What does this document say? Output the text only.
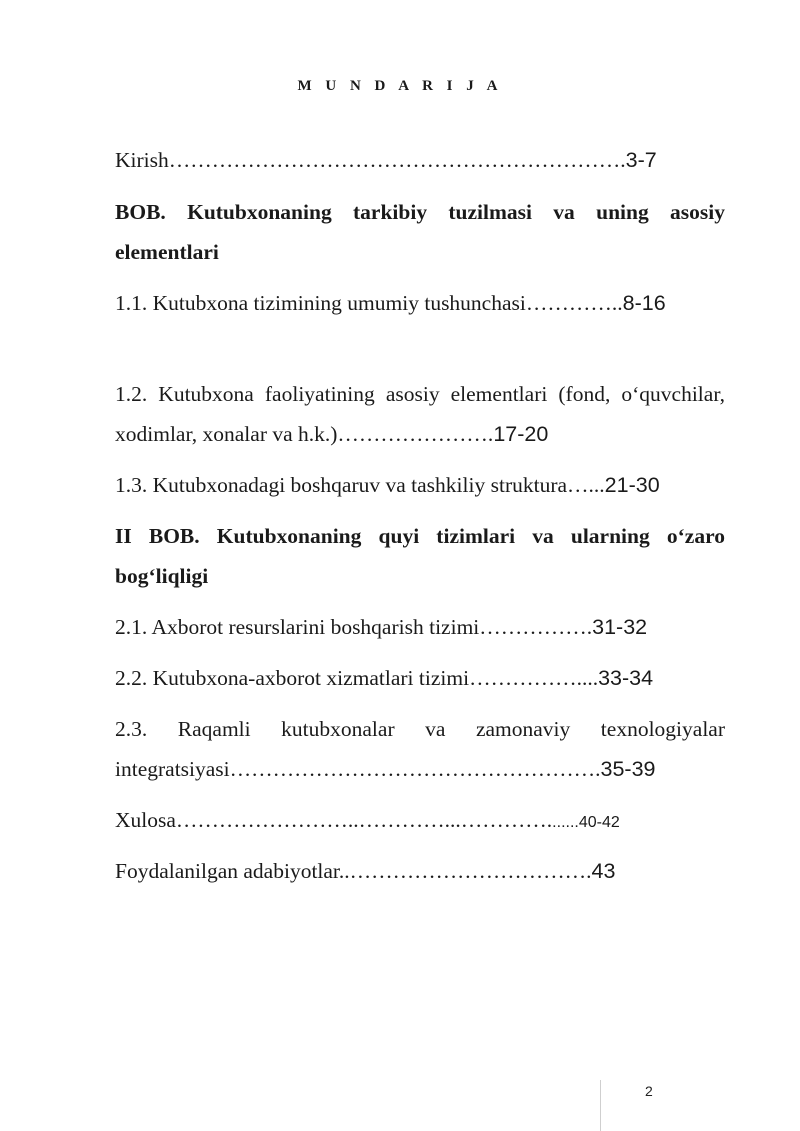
M U N D A R I J A

Kirish……………………………………………………….3-7

BOB. Kutubxonaning tarkibiy tuzilmasi va uning asosiy elementlari

1.1. Kutubxona tizimining umumiy tushunchasi…………..8-16

1.2. Kutubxona faoliyatining asosiy elementlari (fond, o‘quvchilar, xodimlar, xonalar va h.k.)………………….17-20

1.3. Kutubxonadagi boshqaruv va tashkiliy struktura…...21-30

II BOB. Kutubxonaning quyi tizimlari va ularning o‘zaro bog‘liqligi

2.1. Axborot resurslarini boshqarish tizimi…………….31-32

2.2. Kutubxona-axborot xizmatlari tizimi……………....33-34

2.3. Raqamli kutubxonalar va zamonaviy texnologiyalar integratsiyasi…………………………………………….35-39

Xulosa……………………..…………...………….......40-42

Foydalanilgan adabiyotlar..…………………………….43

2
